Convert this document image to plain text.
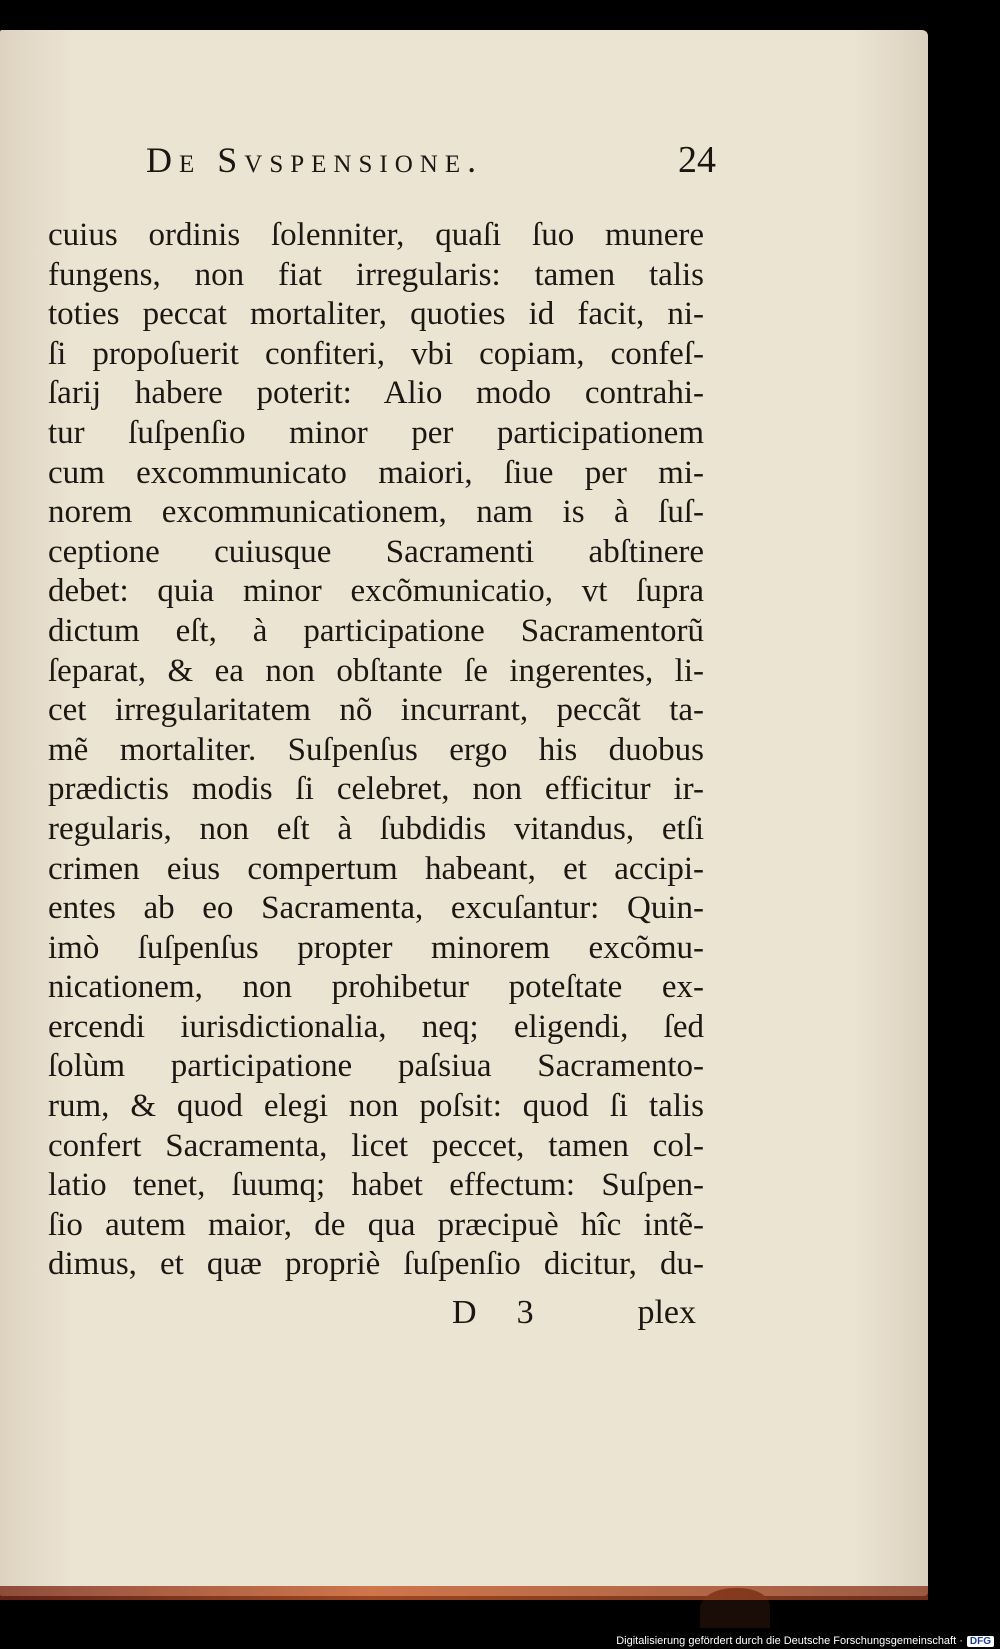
De Svspensione.	24
cuius ordinis ſolenniter, quaſi ſuo munere
fungens, non fiat irregularis: tamen talis
toties peccat mortaliter, quoties id facit, ni-
ſi propoſuerit confiteri, vbi copiam, confeſ-
ſarij habere poterit: Alio modo contrahi-
tur ſuſpenſio minor per participationem
cum excommunicato maiori, ſiue per mi-
norem excommunicationem, nam is à ſuſ-
ceptione cuiusque Sacramenti abſtinere
debet: quia minor excõmunicatio, vt ſupra
dictum eſt, à participatione Sacramentorũ
ſeparat, & ea non obſtante ſe ingerentes, li-
cet irregularitatem nõ incurrant, peccãt ta-
mẽ mortaliter. Suſpenſus ergo his duobus
prædictis modis ſi celebret, non efficitur ir-
regularis, non eſt à ſubdidis vitandus, etſi
crimen eius compertum habeant, et accipi-
entes ab eo Sacramenta, excuſantur: Quin-
imò ſuſpenſus propter minorem excõmu-
nicationem, non prohibetur poteſtate ex-
ercendi iurisdictionalia, neq; eligendi, ſed
ſolùm participatione paſsiua Sacramento-
rum, & quod elegi non poſsit: quod ſi talis
confert Sacramenta, licet peccet, tamen col-
latio tenet, ſuumq; habet effectum: Suſpen-
ſio autem maior, de qua præcipuè hîc intẽ-
dimus, et quæ propriè ſuſpenſio dicitur, du-
D 3	plex
Digitalisierung gefördert durch die Deutsche Forschungsgemeinschaft · DFG
